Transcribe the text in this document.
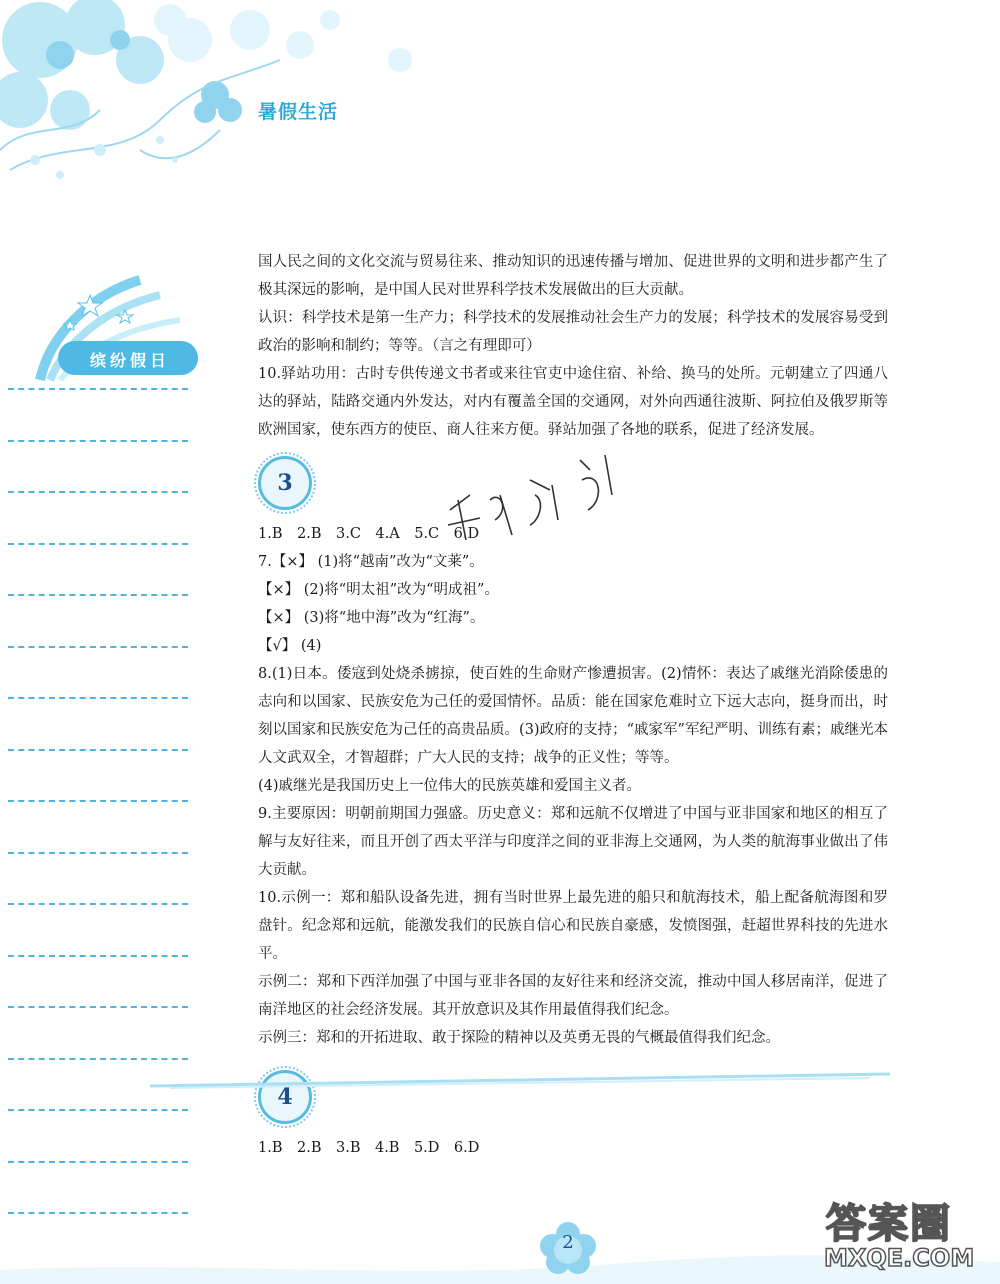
暑假生活
缤纷假日

国人民之间的文化交流与贸易往来、推动知识的迅速传播与增加、促进世界的文明和进步都产生了极其深远的影响，是中国人民对世界科学技术发展做出的巨大贡献。

认识：科学技术是第一生产力；科学技术的发展推动社会生产力的发展；科学技术的发展容易受到政治的影响和制约；等等。（言之有理即可）

10.驿站功用：古时专供传递文书者或来往官吏中途住宿、补给、换马的处所。元朝建立了四通八达的驿站，陆路交通内外发达，对内有覆盖全国的交通网，对外向西通往波斯、阿拉伯及俄罗斯等欧洲国家，使东西方的使臣、商人往来方便。驿站加强了各地的联系，促进了经济发展。

3

1.B　2.B　3.C　4.A　5.C　6.D

7.【×】 (1)将“越南”改为“文莱”。

【×】 (2)将“明太祖”改为“明成祖”。

【×】 (3)将“地中海”改为“红海”。

【√】 (4)

8.(1)日本。倭寇到处烧杀掳掠，使百姓的生命财产惨遭损害。(2)情怀：表达了戚继光消除倭患的志向和以国家、民族安危为己任的爱国情怀。品质：能在国家危难时立下远大志向，挺身而出，时刻以国家和民族安危为己任的高贵品质。(3)政府的支持；“戚家军”军纪严明、训练有素；戚继光本人文武双全，才智超群；广大人民的支持；战争的正义性；等等。

(4)戚继光是我国历史上一位伟大的民族英雄和爱国主义者。

9.主要原因：明朝前期国力强盛。历史意义：郑和远航不仅增进了中国与亚非国家和地区的相互了解与友好往来，而且开创了西太平洋与印度洋之间的亚非海上交通网，为人类的航海事业做出了伟大贡献。

10.示例一：郑和船队设备先进，拥有当时世界上最先进的船只和航海技术，船上配备航海图和罗盘针。纪念郑和远航，能激发我们的民族自信心和民族自豪感，发愤图强，赶超世界科技的先进水平。

示例二：郑和下西洋加强了中国与亚非各国的友好往来和经济交流，推动中国人移居南洋，促进了南洋地区的社会经济发展。其开放意识及其作用最值得我们纪念。

示例三：郑和的开拓进取、敢于探险的精神以及英勇无畏的气概最值得我们纪念。

4

1.B　2.B　3.B　4.B　5.D　6.D

2	答案圈
MXQE.COM
